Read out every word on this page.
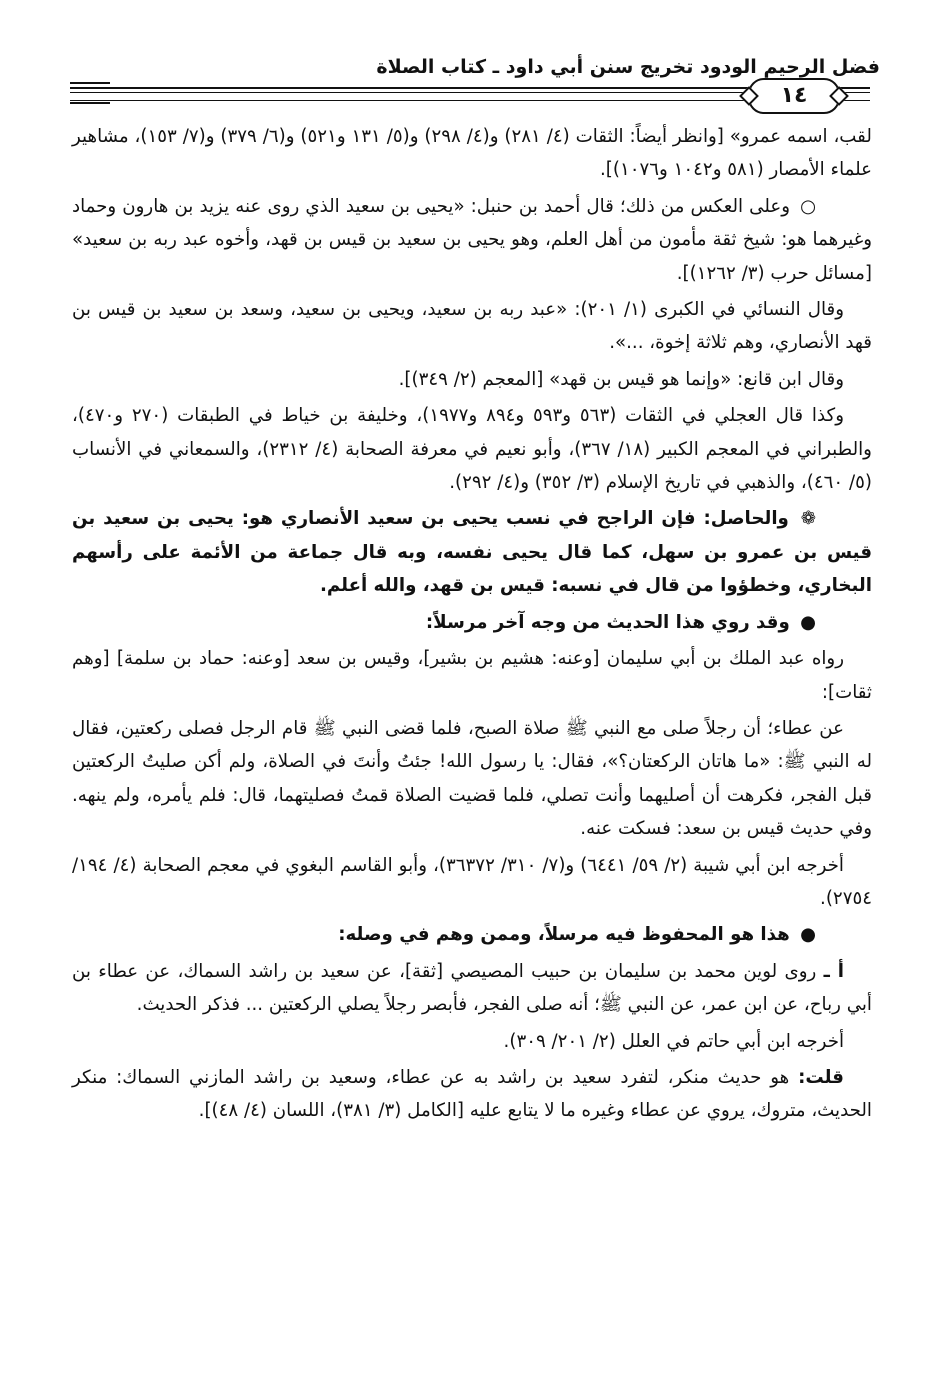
فضل الرحيم الودود تخريج سنن أبي داود ـ كتاب الصلاة
١٤

لقب، اسمه عمرو» [وانظر أيضاً: الثقات (٤/ ٢٨١) و(٤/ ٢٩٨) و(٥/ ١٣١ و٥٢١) و(٦/ ٣٧٩) و(٧/ ١٥٣)، مشاهير علماء الأمصار (٥٨١ و١٠٤٢ و١٠٧٦)].

○ وعلى العكس من ذلك؛ قال أحمد بن حنبل: «يحيى بن سعيد الذي روى عنه يزيد بن هارون وحماد وغيرهما هو: شيخ ثقة مأمون من أهل العلم، وهو يحيى بن سعيد بن قيس بن قهد، وأخوه عبد ربه بن سعيد» [مسائل حرب (٣/ ١٢٦٢)].

وقال النسائي في الكبرى (١/ ٢٠١): «عبد ربه بن سعيد، ويحيى بن سعيد، وسعد بن سعيد بن قيس بن قهد الأنصاري، وهم ثلاثة إخوة، ...».

وقال ابن قانع: «وإنما هو قيس بن قهد» [المعجم (٢/ ٣٤٩)].

وكذا قال العجلي في الثقات (٥٦٣ و٥٩٣ و٨٩٤ و١٩٧٧)، وخليفة بن خياط في الطبقات (٢٧٠ و٤٧٠)، والطبراني في المعجم الكبير (١٨/ ٣٦٧)، وأبو نعيم في معرفة الصحابة (٤/ ٢٣١٢)، والسمعاني في الأنساب (٥/ ٤٦٠)، والذهبي في تاريخ الإسلام (٣/ ٣٥٢) و(٤/ ٢٩٢).

❁ والحاصل: فإن الراجح في نسب يحيى بن سعيد الأنصاري هو: يحيى بن سعيد بن قيس بن عمرو بن سهل، كما قال يحيى نفسه، وبه قال جماعة من الأئمة على رأسهم البخاري، وخطؤوا من قال في نسبه: قيس بن قهد، والله أعلم.

● وقد روي هذا الحديث من وجه آخر مرسلاً:

رواه عبد الملك بن أبي سليمان [وعنه: هشيم بن بشير]، وقيس بن سعد [وعنه: حماد بن سلمة] [وهم ثقات]:

عن عطاء؛ أن رجلاً صلى مع النبي ﷺ صلاة الصبح، فلما قضى النبي ﷺ قام الرجل فصلى ركعتين، فقال له النبي ﷺ: «ما هاتان الركعتان؟»، فقال: يا رسول الله! جئتُ وأنتَ في الصلاة، ولم أكن صليتُ الركعتين قبل الفجر، فكرهت أن أصليهما وأنت تصلي، فلما قضيت الصلاة قمتُ فصليتهما، قال: فلم يأمره، ولم ينهه. وفي حديث قيس بن سعد: فسكت عنه.

أخرجه ابن أبي شيبة (٢/ ٥٩/ ٦٤٤١) و(٧/ ٣١٠/ ٣٦٣٧٢)، وأبو القاسم البغوي في معجم الصحابة (٤/ ١٩٤/ ٢٧٥٤).

● هذا هو المحفوظ فيه مرسلاً، وممن وهم في وصله:

أ ـ روى لوين محمد بن سليمان بن حبيب المصيصي [ثقة]، عن سعيد بن راشد السماك، عن عطاء بن أبي رباح، عن ابن عمر، عن النبي ﷺ؛ أنه صلى الفجر، فأبصر رجلاً يصلي الركعتين ... فذكر الحديث.

أخرجه ابن أبي حاتم في العلل (٢/ ٢٠١/ ٣٠٩).

قلت: هو حديث منكر، لتفرد سعيد بن راشد به عن عطاء، وسعيد بن راشد المازني السماك: منكر الحديث، متروك، يروي عن عطاء وغيره ما لا يتابع عليه [الكامل (٣/ ٣٨١)، اللسان (٤/ ٤٨)].
